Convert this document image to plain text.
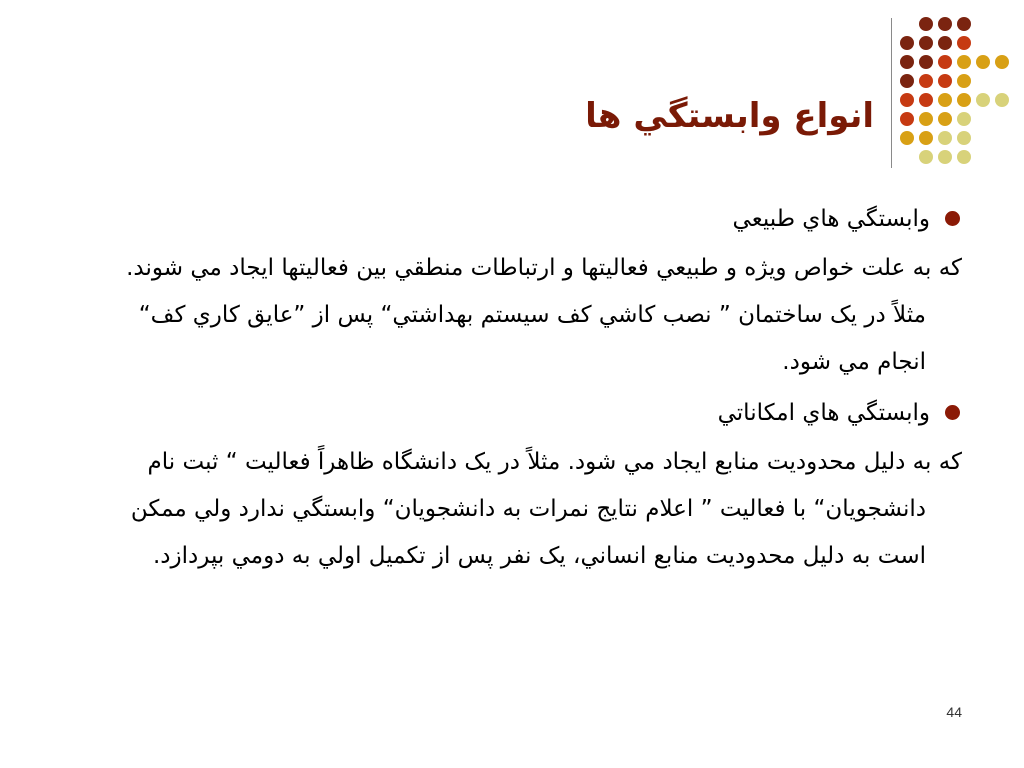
انواع وابستگي ها
وابستگي هاي طبيعي

که به علت خواص ويژه و طبيعي فعاليتها و ارتباطات منطقي بين فعاليتها ايجاد مي شوند. مثلاً در يک ساختمان ” نصب کاشي کف سيستم بهداشتي“ پس از ”عايق کاري کف“ انجام مي شود.

وابستگي هاي امکاناتي

که به دليل محدوديت منابع ايجاد مي شود. مثلاً در يک دانشگاه ظاهراً فعاليت “ ثبت نام دانشجويان“ با فعاليت ” اعلام نتايج نمرات به دانشجويان“ وابستگي ندارد ولي ممکن است به دليل محدوديت منابع انساني، يک نفر پس از تکميل اولي به دومي بپردازد.

44
